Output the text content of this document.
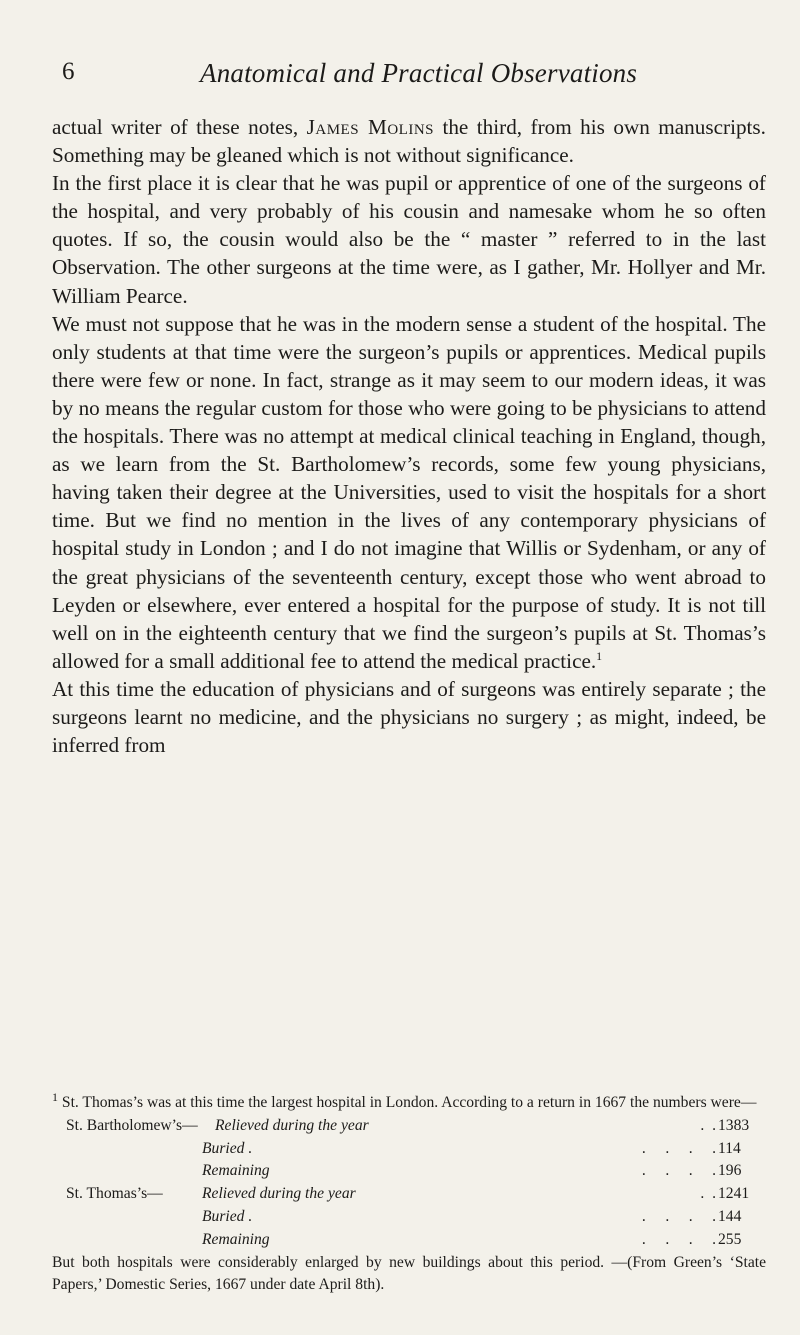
6	Anatomical and Practical Observations

actual writer of these notes, James Molins the third, from his own manuscripts. Something may be gleaned which is not without significance.

In the first place it is clear that he was pupil or apprentice of one of the surgeons of the hospital, and very probably of his cousin and namesake whom he so often quotes. If so, the cousin would also be the “ master ” referred to in the last Observation. The other surgeons at the time were, as I gather, Mr. Hollyer and Mr. William Pearce.

We must not suppose that he was in the modern sense a student of the hospital. The only students at that time were the surgeon’s pupils or apprentices. Medical pupils there were few or none. In fact, strange as it may seem to our modern ideas, it was by no means the regular custom for those who were going to be physicians to attend the hospitals. There was no attempt at medical clinical teaching in England, though, as we learn from the St. Bartholomew’s records, some few young physicians, having taken their degree at the Universities, used to visit the hospitals for a short time. But we find no mention in the lives of any contemporary physicians of hospital study in London ; and I do not imagine that Willis or Sydenham, or any of the great physicians of the seventeenth century, except those who went abroad to Leyden or elsewhere, ever entered a hospital for the purpose of study. It is not till well on in the eighteenth century that we find the surgeon’s pupils at St. Thomas’s allowed for a small additional fee to attend the medical practice.$^1$

At this time the education of physicians and of surgeons was entirely separate ; the surgeons learnt no medicine, and the physicians no surgery ; as might, indeed, be inferred from

$^1$ St. Thomas’s was at this time the largest hospital in London. According to a return in 1667 the numbers were—
St. Bartholomew’s— Relieved during the year	.  . 1383
Buried .	.     .     .     . 114
Remaining	.     .     .     . 196
St. Thomas’s—	Relieved during the year	.  . 1241
Buried .	.     .     .     . 144
Remaining	.     .     .     . 255
But both hospitals were considerably enlarged by new buildings about this period. —(From Green’s ‘State Papers,’ Domestic Series, 1667 under date April 8th).
